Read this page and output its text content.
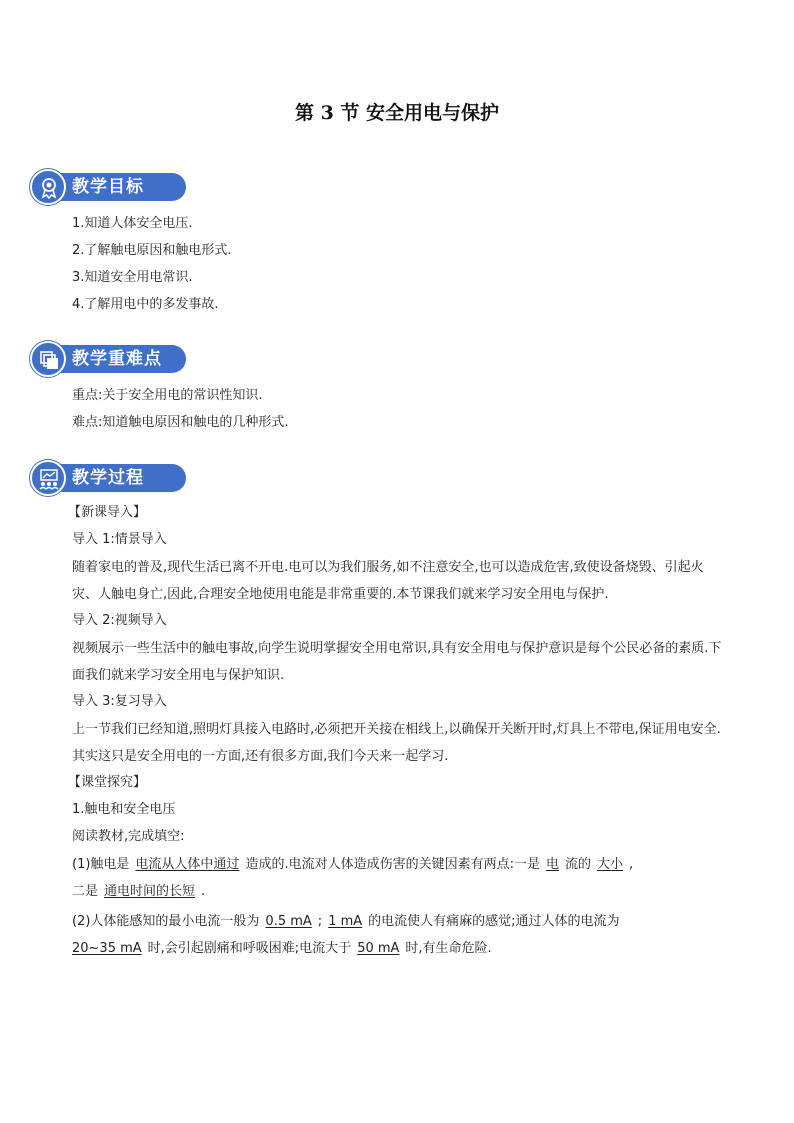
第 3 节 安全用电与保护
教学目标
1.知道人体安全电压.
2.了解触电原因和触电形式.
3.知道安全用电常识.
4.了解用电中的多发事故.
教学重难点
重点:关于安全用电的常识性知识.
难点:知道触电原因和触电的几种形式.
教学过程
【新课导入】
导入 1:情景导入
随着家电的普及,现代生活已离不开电.电可以为我们服务,如不注意安全,也可以造成危害,致使设备烧毁、引起火灾、人触电身亡,因此,合理安全地使用电能是非常重要的.本节课我们就来学习安全用电与保护.
导入 2:视频导入
视频展示一些生活中的触电事故,向学生说明掌握安全用电常识,具有安全用电与保护意识是每个公民必备的素质.下面我们就来学习安全用电与保护知识.
导入 3:复习导入
上一节我们已经知道,照明灯具接入电路时,必须把开关接在相线上,以确保开关断开时,灯具上不带电,保证用电安全.其实这只是安全用电的一方面,还有很多方面,我们今天来一起学习.
【课堂探究】
1.触电和安全电压
阅读教材,完成填空:
(1)触电是 电流从人体中通过 造成的.电流对人体造成伤害的关键因素有两点:一是 电 流的 大小 ,
二是 通电时间的长短 .
(2)人体能感知的最小电流一般为 0.5 mA ; 1 mA 的电流使人有痛麻的感觉;通过人体的电流为
20~35 mA 时,会引起剧痛和呼吸困难;电流大于 50 mA 时,有生命危险.
